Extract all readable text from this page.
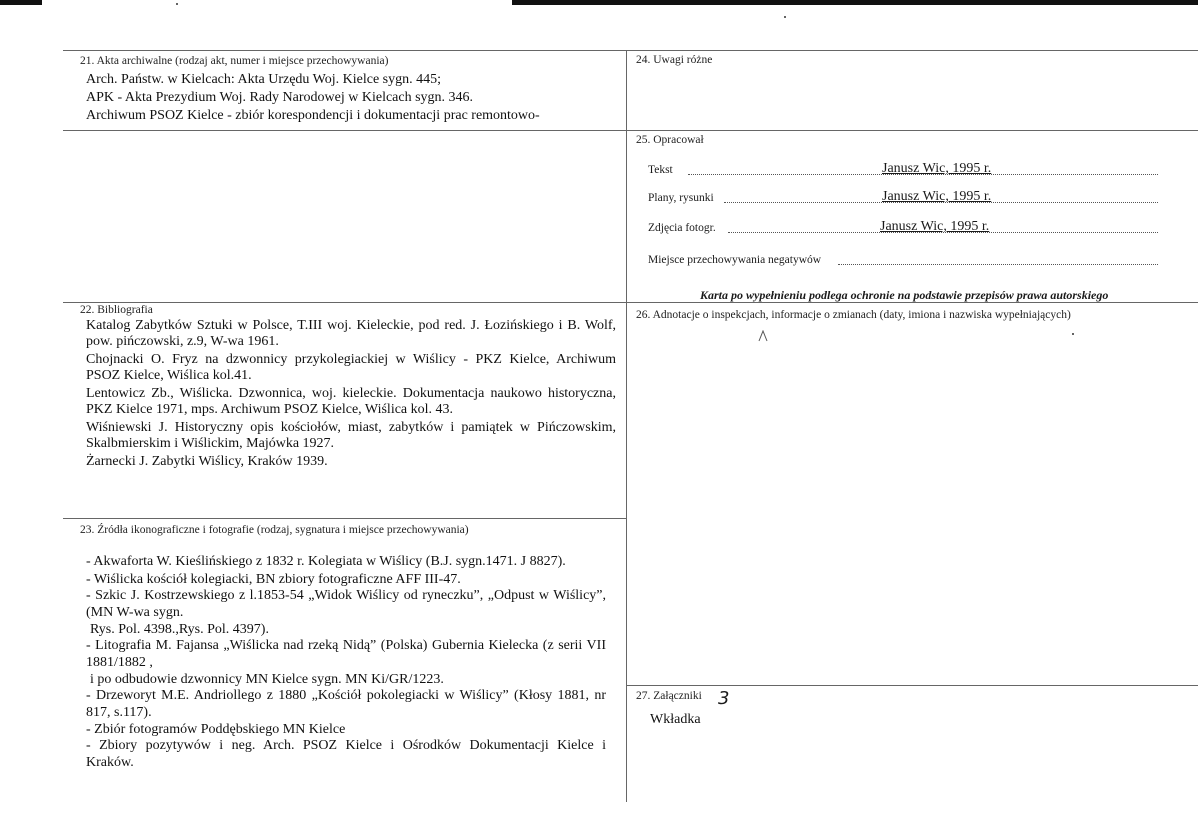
21. Akta archiwalne (rodzaj akt, numer i miejsce przechowywania)
Arch. Państw. w Kielcach: Akta Urzędu Woj. Kielce sygn. 445;
APK - Akta Prezydium Woj. Rady Narodowej w Kielcach sygn. 346.
Archiwum PSOZ Kielce - zbiór korespondencji i dokumentacji prac remontowo-
24. Uwagi różne
25. Opracował
Tekst	Janusz Wic, 1995 r.
Plany, rysunki	Janusz Wic, 1995 r.
Zdjęcia fotogr.	Janusz Wic, 1995 r.
Miejsce przechowywania negatywów
Karta po wypełnieniu podlega ochronie na podstawie przepisów prawa autorskiego
22. Bibliografia
Katalog Zabytków Sztuki w Polsce, T.III woj. Kieleckie, pod red. J. Łozińskiego i B. Wolf,
pow. pińczowski, z.9, W-wa 1961.
Chojnacki O. Fryz na dzwonnicy przykolegiackiej w Wiślicy - PKZ Kielce, Archiwum
PSOZ Kielce, Wiślica kol.41.
Lentowicz Zb., Wiślicka. Dzwonnica, woj. kieleckie. Dokumentacja naukowo historyczna,
PKZ Kielce 1971, mps. Archiwum PSOZ Kielce, Wiślica kol. 43.
Wiśniewski J. Historyczny opis kościołów, miast, zabytków i pamiątek w Pińczowskim,
Skalbmierskim i Wiślickim, Majówka 1927.
Żarnecki J. Zabytki Wiślicy, Kraków 1939.
26. Adnotacje o inspekcjach, informacje o zmianach (daty, imiona i nazwiska wypełniających)
23. Źródła ikonograficzne i fotografie (rodzaj, sygnatura i miejsce przechowywania)
- Akwaforta W. Kieślińskiego z 1832 r. Kolegiata w Wiślicy (B.J. sygn.1471. J 8827).
- Wiślicka kościół kolegiacki, BN zbiory fotograficzne AFF III-47.
- Szkic J. Kostrzewskiego z l.1853-54 „Widok Wiślicy od ryneczku”, „Odpust w Wiślicy”,
(MN W-wa sygn.
Rys. Pol. 4398.,Rys. Pol. 4397).
- Litografia M. Fajansa „Wiślicka nad rzeką Nidą” (Polska) Gubernia Kielecka (z serii VII
1881/1882 ,
i po odbudowie dzwonnicy MN Kielce sygn. MN Ki/GR/1223.
- Drzeworyt M.E. Andriollego z 1880 „Kościół pokolegiacki w Wiślicy” (Kłosy 1881, nr
817, s.117).
- Zbiór fotogramów Poddębskiego MN Kielce
- Zbiory pozytywów i neg. Arch. PSOZ Kielce i Ośrodków Dokumentacji Kielce i
Kraków.
27. Załączniki 3
Wkładka
